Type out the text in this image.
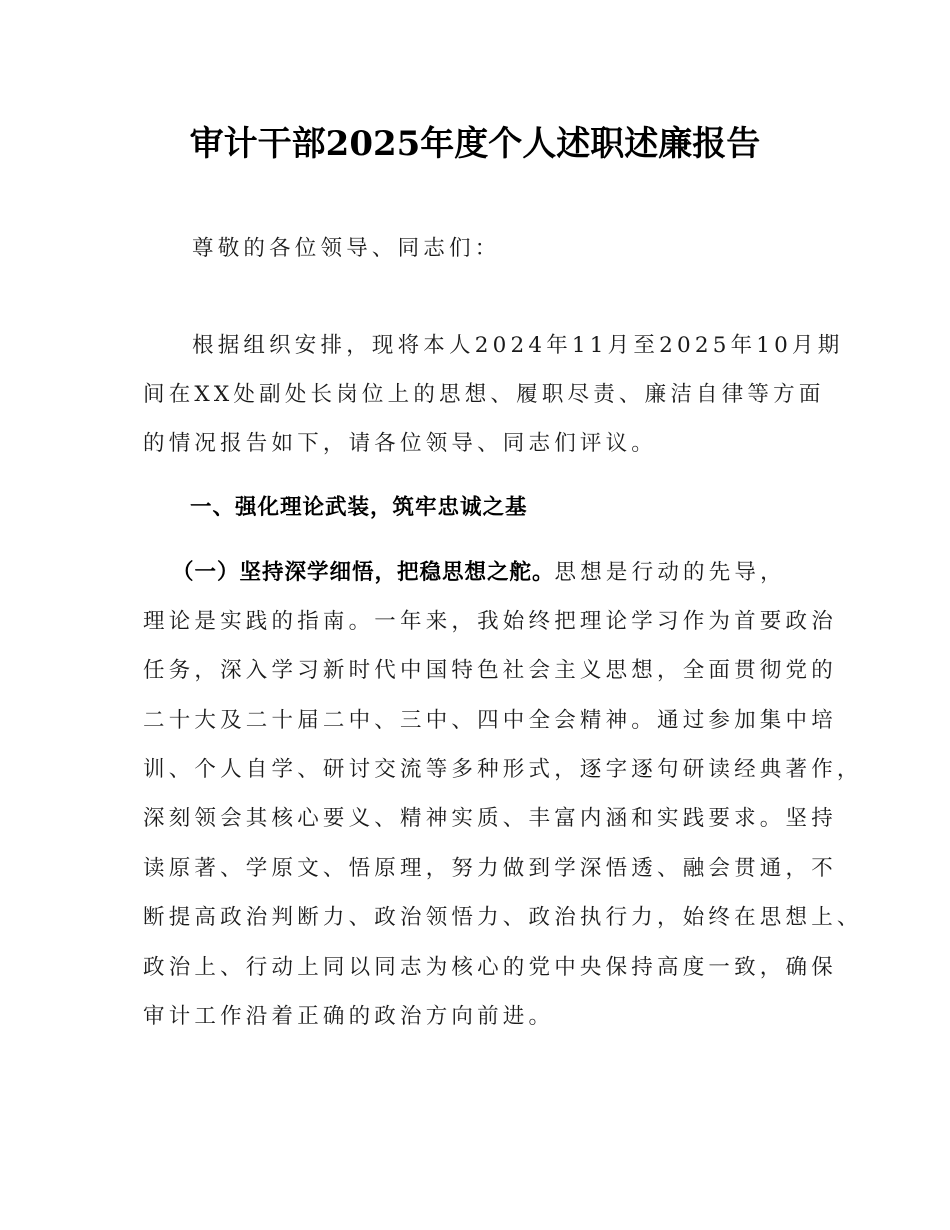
审计干部2025年度个人述职述廉报告
尊敬的各位领导、同志们：
根据组织安排，现将本人2024年11月至2025年10月期
间在XX处副处长岗位上的思想、履职尽责、廉洁自律等方面
的情况报告如下，请各位领导、同志们评议。
一、强化理论武装，筑牢忠诚之基
（一）坚持深学细悟，把稳思想之舵。思想是行动的先导，
理论是实践的指南。一年来，我始终把理论学习作为首要政治
任务，深入学习新时代中国特色社会主义思想，全面贯彻党的
二十大及二十届二中、三中、四中全会精神。通过参加集中培
训、个人自学、研讨交流等多种形式，逐字逐句研读经典著作，
深刻领会其核心要义、精神实质、丰富内涵和实践要求。坚持
读原著、学原文、悟原理，努力做到学深悟透、融会贯通，不
断提高政治判断力、政治领悟力、政治执行力，始终在思想上、
政治上、行动上同以同志为核心的党中央保持高度一致，确保
审计工作沿着正确的政治方向前进。
